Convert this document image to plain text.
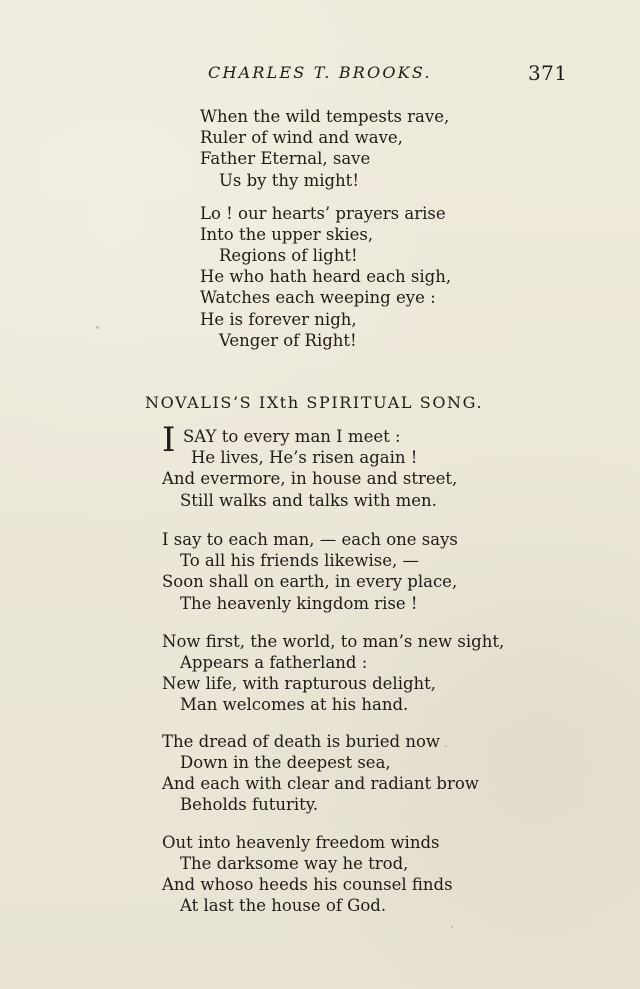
CHARLES T. BROOKS.	371
When the wild tempests rave,
Ruler of wind and wave,
Father Eternal, save
Us by thy might!
Lo ! our hearts’ prayers arise
Into the upper skies,
Regions of light!
He who hath heard each sigh,
Watches each weeping eye :
He is forever nigh,
Venger of Right!
NOVALIS’S IXth SPIRITUAL SONG.
I SAY to every man I meet :
He lives, He’s risen again !
And evermore, in house and street,
Still walks and talks with men.
I say to each man, — each one says
To all his friends likewise, —
Soon shall on earth, in every place,
The heavenly kingdom rise !
Now first, the world, to man’s new sight,
Appears a fatherland :
New life, with rapturous delight,
Man welcomes at his hand.
The dread of death is buried now
Down in the deepest sea,
And each with clear and radiant brow
Beholds futurity.
Out into heavenly freedom winds
The darksome way he trod,
And whoso heeds his counsel finds
At last the house of God.
